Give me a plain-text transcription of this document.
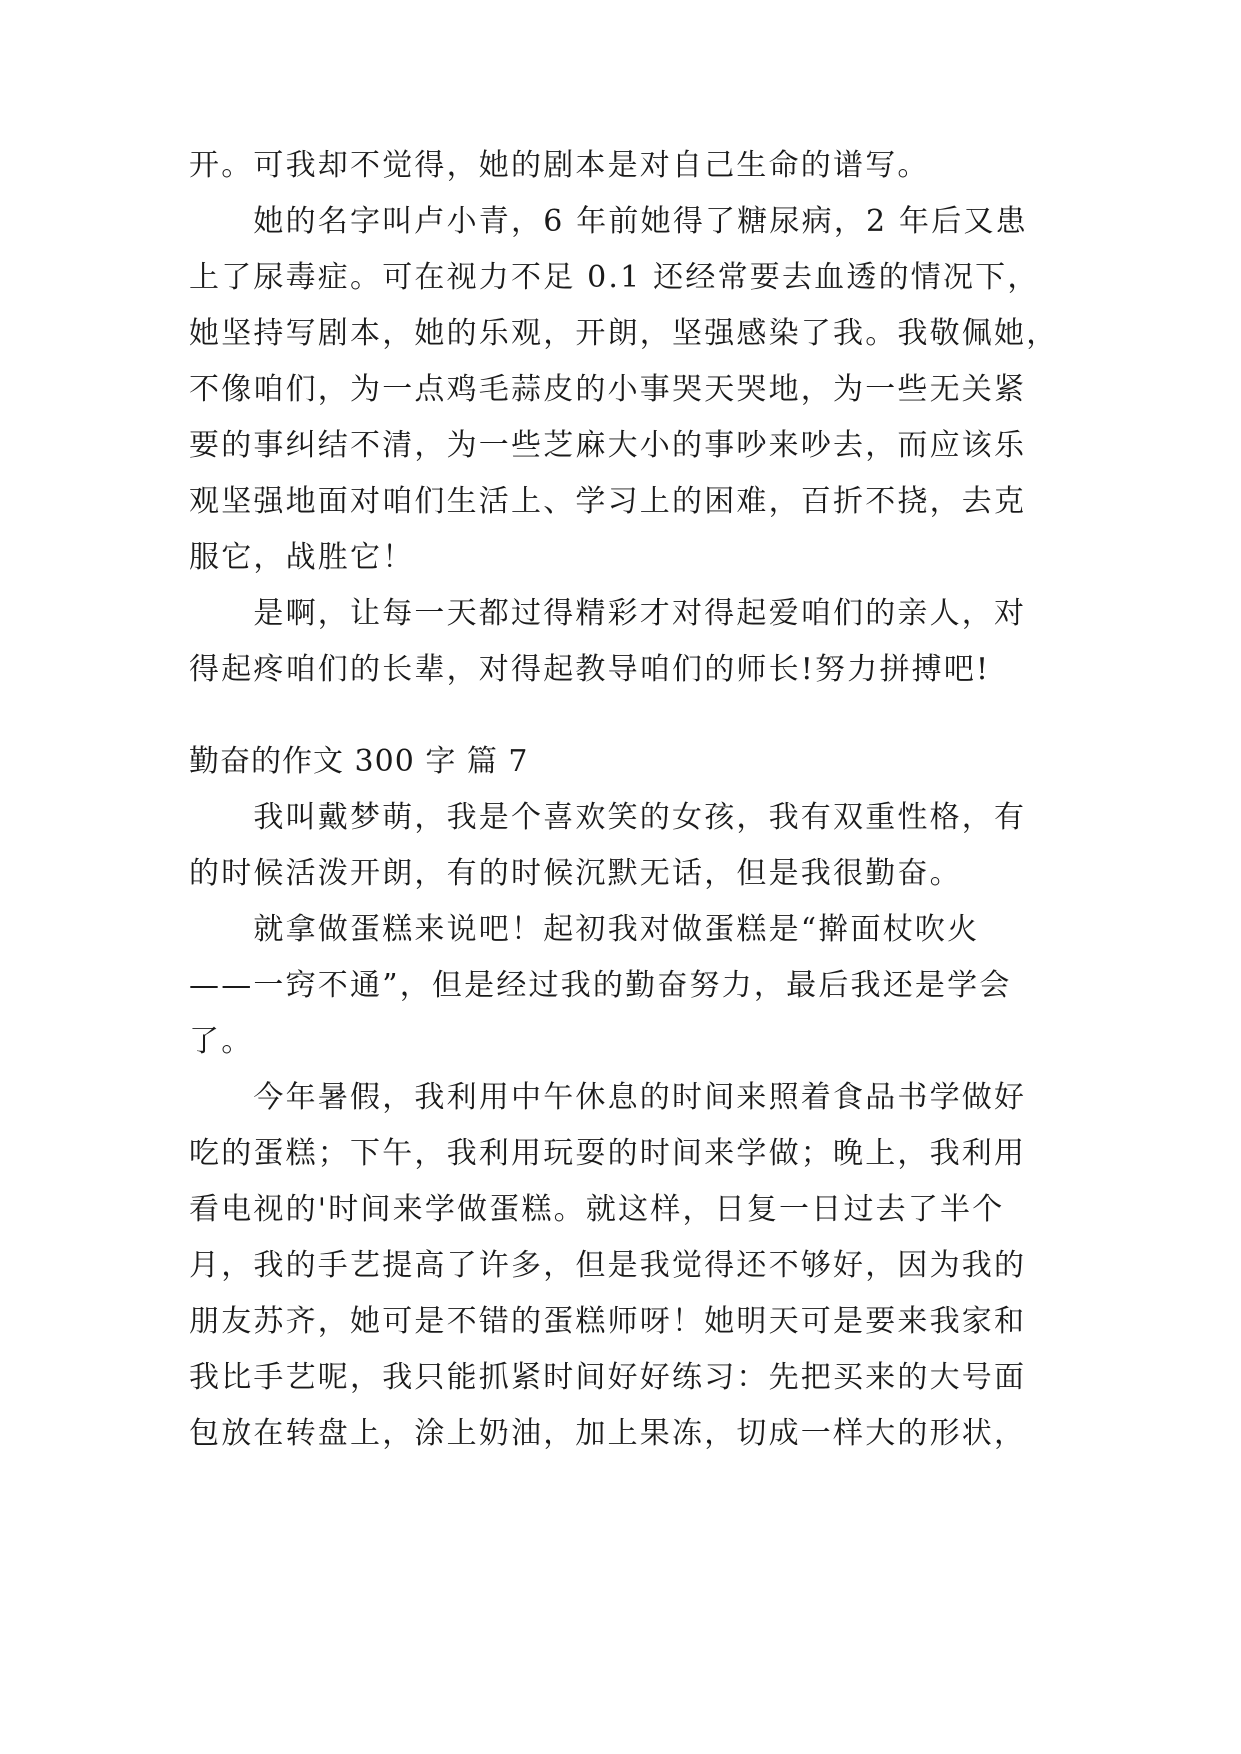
开。可我却不觉得，她的剧本是对自己生命的谱写。
　　她的名字叫卢小青，6 年前她得了糖尿病，2 年后又患
上了尿毒症。可在视力不足 0.1 还经常要去血透的情况下，
她坚持写剧本，她的乐观，开朗，坚强感染了我。我敬佩她，
不像咱们，为一点鸡毛蒜皮的小事哭天哭地，为一些无关紧
要的事纠结不清，为一些芝麻大小的事吵来吵去，而应该乐
观坚强地面对咱们生活上、学习上的困难，百折不挠，去克
服它，战胜它！
　　是啊，让每一天都过得精彩才对得起爱咱们的亲人，对
得起疼咱们的长辈，对得起教导咱们的师长!努力拼搏吧!
勤奋的作文 300 字 篇 7
　　我叫戴梦萌，我是个喜欢笑的女孩，我有双重性格，有
的时候活泼开朗，有的时候沉默无话，但是我很勤奋。
　　就拿做蛋糕来说吧！起初我对做蛋糕是“擀面杖吹火
——一窍不通”，但是经过我的勤奋努力，最后我还是学会
了。
　　今年暑假，我利用中午休息的时间来照着食品书学做好
吃的蛋糕；下午，我利用玩耍的时间来学做；晚上，我利用
看电视的'时间来学做蛋糕。就这样，日复一日过去了半个
月，我的手艺提高了许多，但是我觉得还不够好，因为我的
朋友苏齐，她可是不错的蛋糕师呀！她明天可是要来我家和
我比手艺呢，我只能抓紧时间好好练习：先把买来的大号面
包放在转盘上，涂上奶油，加上果冻，切成一样大的形状，
